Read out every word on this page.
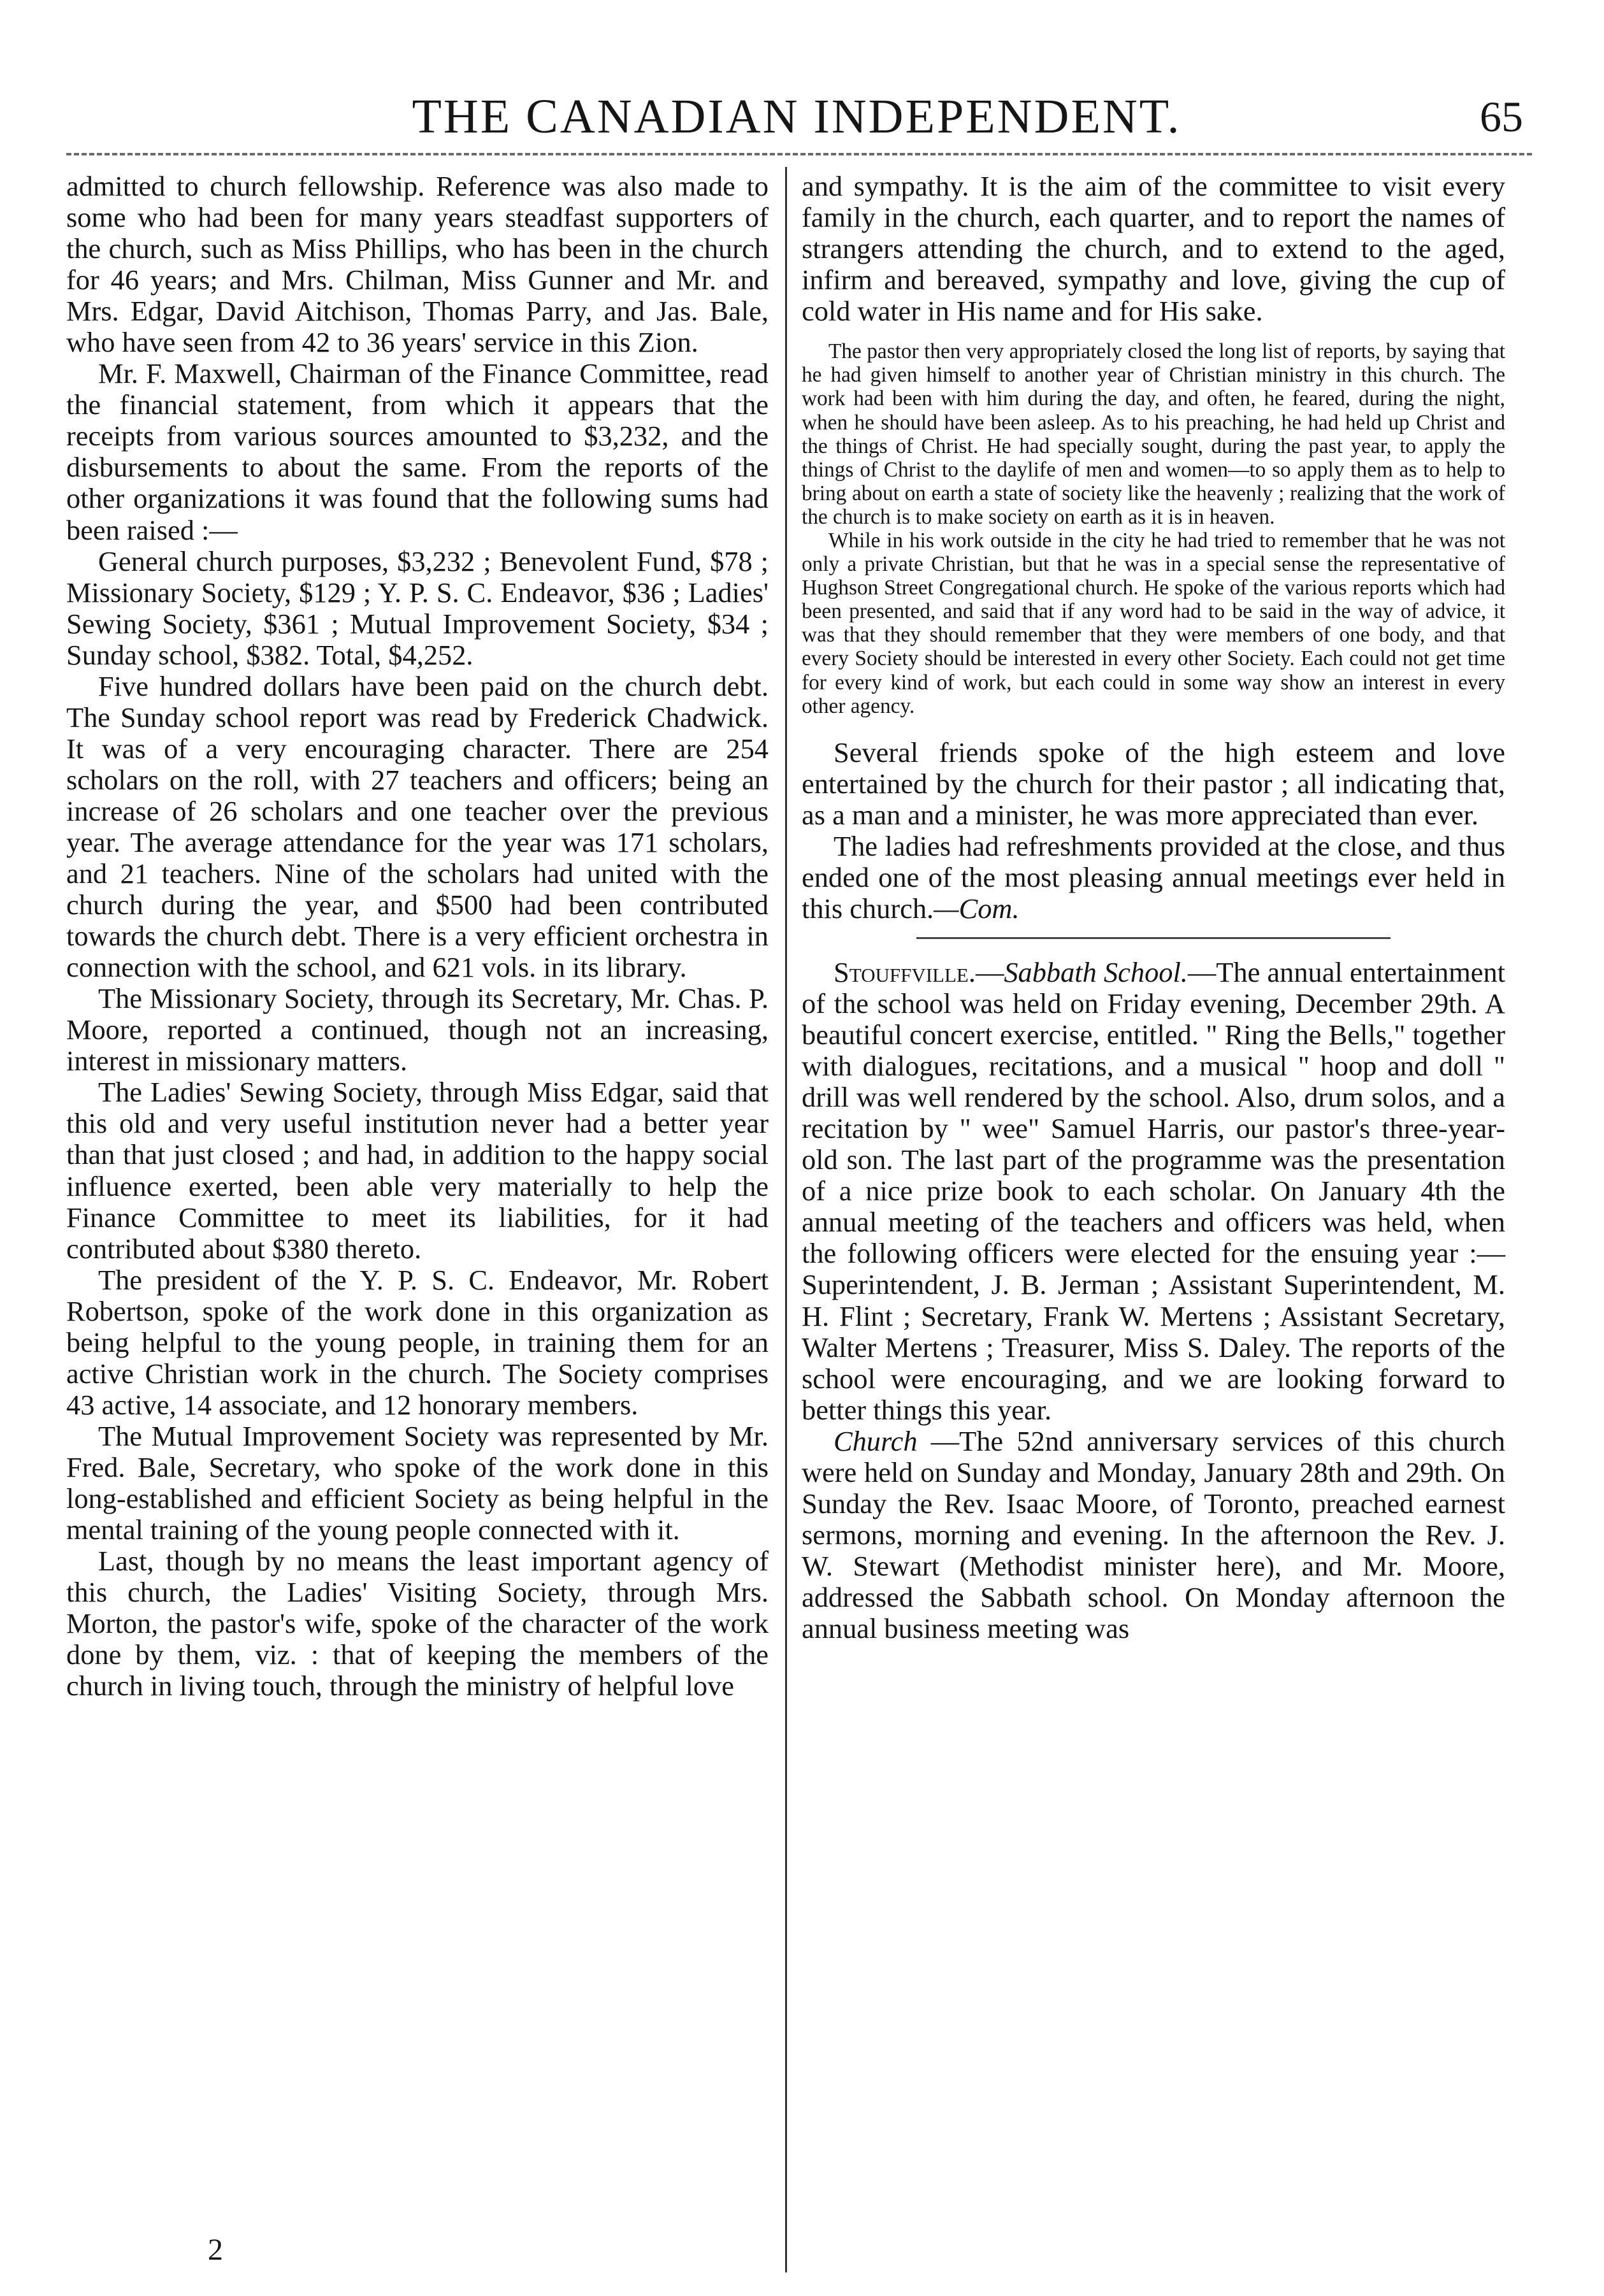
THE CANADIAN INDEPENDENT.	65

admitted to church fellowship. Reference was also made to some who had been for many years steadfast supporters of the church, such as Miss Phillips, who has been in the church for 46 years; and Mrs. Chilman, Miss Gunner and Mr. and Mrs. Edgar, David Aitchison, Thomas Parry, and Jas. Bale, who have seen from 42 to 36 years' service in this Zion.

Mr. F. Maxwell, Chairman of the Finance Committee, read the financial statement, from which it appears that the receipts from various sources amounted to $3,232, and the disbursements to about the same. From the reports of the other organizations it was found that the following sums had been raised :—

General church purposes, $3,232 ; Benevolent Fund, $78 ; Missionary Society, $129 ; Y. P. S. C. Endeavor, $36 ; Ladies' Sewing Society, $361 ; Mutual Improvement Society, $34 ; Sunday school, $382. Total, $4,252.

Five hundred dollars have been paid on the church debt. The Sunday school report was read by Frederick Chadwick. It was of a very encouraging character. There are 254 scholars on the roll, with 27 teachers and officers; being an increase of 26 scholars and one teacher over the previous year. The average attendance for the year was 171 scholars, and 21 teachers. Nine of the scholars had united with the church during the year, and $500 had been contributed towards the church debt. There is a very efficient orchestra in connection with the school, and 621 vols. in its library.

The Missionary Society, through its Secretary, Mr. Chas. P. Moore, reported a continued, though not an increasing, interest in missionary matters.

The Ladies' Sewing Society, through Miss Edgar, said that this old and very useful institution never had a better year than that just closed ; and had, in addition to the happy social influence exerted, been able very materially to help the Finance Committee to meet its liabilities, for it had contributed about $380 thereto.

The president of the Y. P. S. C. Endeavor, Mr. Robert Robertson, spoke of the work done in this organization as being helpful to the young people, in training them for an active Christian work in the church. The Society comprises 43 active, 14 associate, and 12 honorary members.

The Mutual Improvement Society was represented by Mr. Fred. Bale, Secretary, who spoke of the work done in this long-established and efficient Society as being helpful in the mental training of the young people connected with it.

Last, though by no means the least important agency of this church, the Ladies' Visiting Society, through Mrs. Morton, the pastor's wife, spoke of the character of the work done by them, viz. : that of keeping the members of the church in living touch, through the ministry of helpful love

and sympathy. It is the aim of the committee to visit every family in the church, each quarter, and to report the names of strangers attending the church, and to extend to the aged, infirm and bereaved, sympathy and love, giving the cup of cold water in His name and for His sake.

The pastor then very appropriately closed the long list of reports, by saying that he had given himself to another year of Christian ministry in this church. The work had been with him during the day, and often, he feared, during the night, when he should have been asleep. As to his preaching, he had held up Christ and the things of Christ. He had specially sought, during the past year, to apply the things of Christ to the daylife of men and women—to so apply them as to help to bring about on earth a state of society like the heavenly ; realizing that the work of the church is to make society on earth as it is in heaven.

While in his work outside in the city he had tried to remember that he was not only a private Christian, but that he was in a special sense the representative of Hughson Street Congregational church. He spoke of the various reports which had been presented, and said that if any word had to be said in the way of advice, it was that they should remember that they were members of one body, and that every Society should be interested in every other Society. Each could not get time for every kind of work, but each could in some way show an interest in every other agency.

Several friends spoke of the high esteem and love entertained by the church for their pastor ; all indicating that, as a man and a minister, he was more appreciated than ever.

The ladies had refreshments provided at the close, and thus ended one of the most pleasing annual meetings ever held in this church.—Com.

Stouffville.—Sabbath School.—The annual entertainment of the school was held on Friday evening, December 29th. A beautiful concert exercise, entitled. " Ring the Bells," together with dialogues, recitations, and a musical " hoop and doll " drill was well rendered by the school. Also, drum solos, and a recitation by " wee" Samuel Harris, our pastor's three-year-old son. The last part of the programme was the presentation of a nice prize book to each scholar. On January 4th the annual meeting of the teachers and officers was held, when the following officers were elected for the ensuing year :—Superintendent, J. B. Jerman ; Assistant Superintendent, M. H. Flint ; Secretary, Frank W. Mertens ; Assistant Secretary, Walter Mertens ; Treasurer, Miss S. Daley. The reports of the school were encouraging, and we are looking forward to better things this year.

Church —The 52nd anniversary services of this church were held on Sunday and Monday, January 28th and 29th. On Sunday the Rev. Isaac Moore, of Toronto, preached earnest sermons, morning and evening. In the afternoon the Rev. J. W. Stewart (Methodist minister here), and Mr. Moore, addressed the Sabbath school. On Monday afternoon the annual business meeting was

2
